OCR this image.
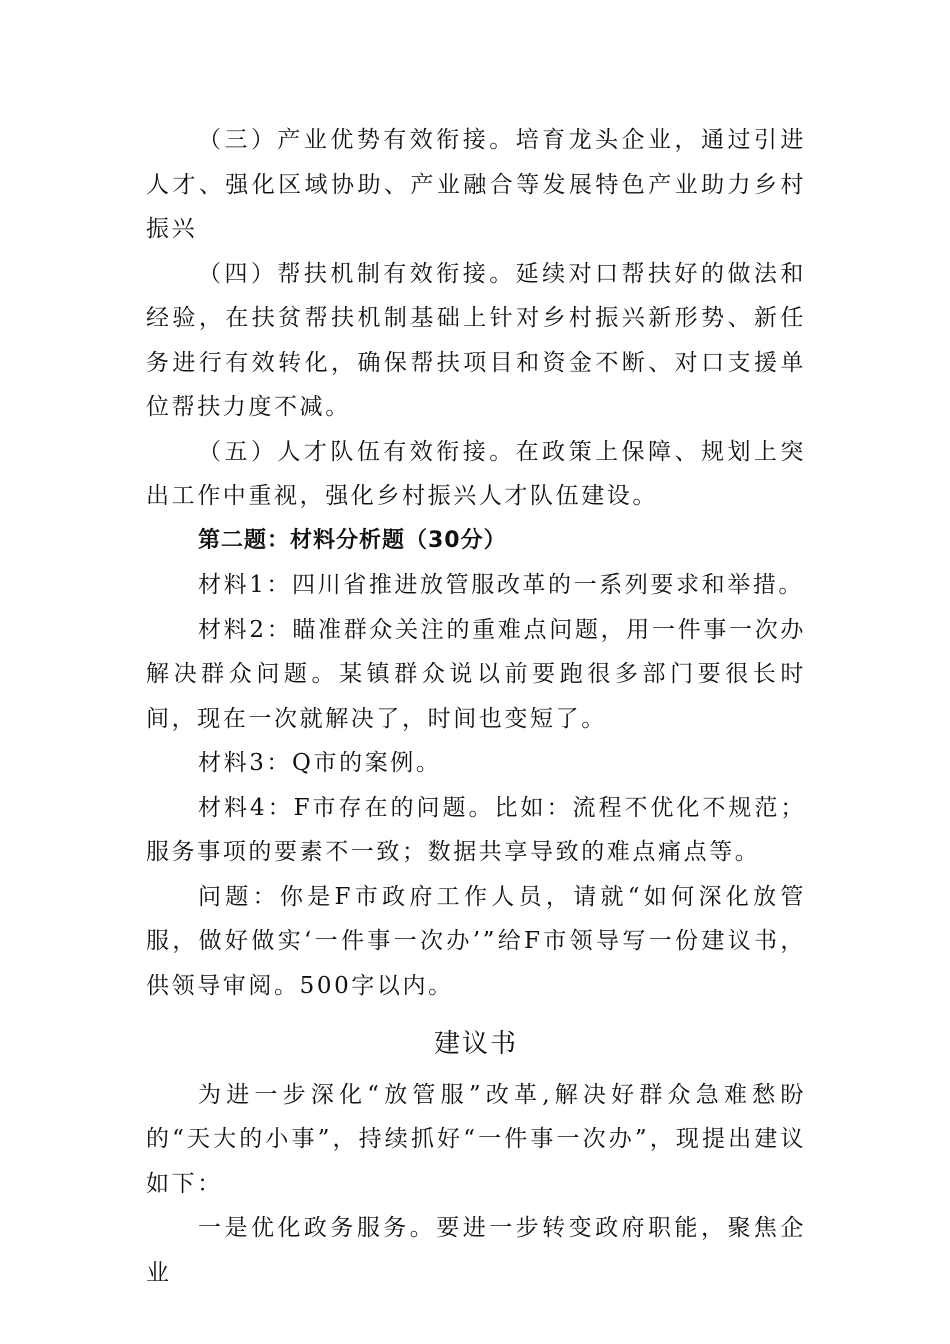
（三）产业优势有效衔接。培育龙头企业，通过引进人才、强化区域协助、产业融合等发展特色产业助力乡村振兴

（四）帮扶机制有效衔接。延续对口帮扶好的做法和经验，在扶贫帮扶机制基础上针对乡村振兴新形势、新任务进行有效转化，确保帮扶项目和资金不断、对口支援单位帮扶力度不减。

（五）人才队伍有效衔接。在政策上保障、规划上突出工作中重视，强化乡村振兴人才队伍建设。

第二题：材料分析题（30分）

材料1：四川省推进放管服改革的一系列要求和举措。

材料2：瞄准群众关注的重难点问题，用一件事一次办解决群众问题。某镇群众说以前要跑很多部门要很长时间，现在一次就解决了，时间也变短了。

材料3：Q市的案例。

材料4：F市存在的问题。比如：流程不优化不规范；服务事项的要素不一致；数据共享导致的难点痛点等。

问题：你是F市政府工作人员，请就“如何深化放管服，做好做实‘一件事一次办’”给F市领导写一份建议书，供领导审阅。500字以内。

建议书

为进一步深化“放管服”改革,解决好群众急难愁盼的“天大的小事”，持续抓好“一件事一次办”，现提出建议如下：

一是优化政务服务。要进一步转变政府职能，聚焦企业
